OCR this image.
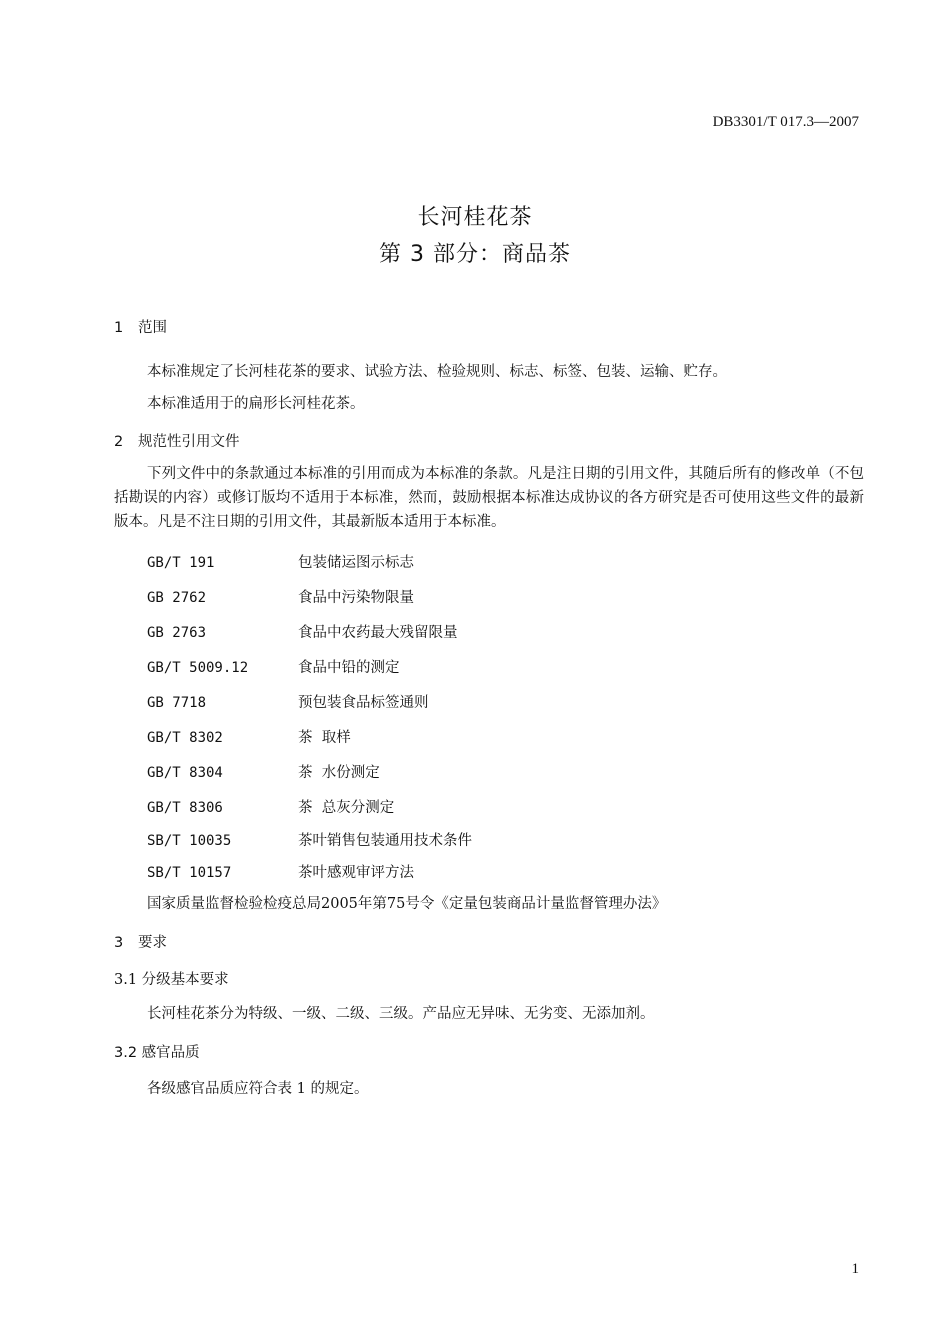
DB3301/T 017.3—2007
长河桂花茶
第 3 部分：商品茶
1 范围
本标准规定了长河桂花茶的要求、试验方法、检验规则、标志、标签、包装、运输、贮存。
本标准适用于的扁形长河桂花茶。
2 规范性引用文件
下列文件中的条款通过本标准的引用而成为本标准的条款。凡是注日期的引用文件，其随后所有的修改单（不包括勘误的内容）或修订版均不适用于本标准，然而，鼓励根据本标准达成协议的各方研究是否可使用这些文件的最新版本。凡是不注日期的引用文件，其最新版本适用于本标准。
GB/T 191	包装储运图示标志
GB 2762	食品中污染物限量
GB 2763	食品中农药最大残留限量
GB/T 5009.12	食品中铅的测定
GB 7718	预包装食品标签通则
GB/T 8302	茶  取样
GB/T 8304	茶  水份测定
GB/T 8306	茶  总灰分测定
SB/T 10035	茶叶销售包装通用技术条件
SB/T 10157	茶叶感观审评方法
国家质量监督检验检疫总局2005年第75号令《定量包装商品计量监督管理办法》
3 要求
3.1 分级基本要求
长河桂花茶分为特级、一级、二级、三级。产品应无异味、无劣变、无添加剂。
3.2 感官品质
各级感官品质应符合表 1 的规定。
1
